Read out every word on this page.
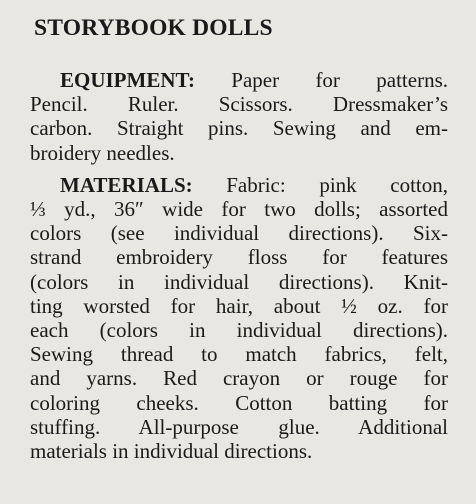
STORYBOOK DOLLS
EQUIPMENT: Paper for patterns.
Pencil. Ruler. Scissors. Dressmaker’s
carbon. Straight pins. Sewing and em-
broidery needles.
MATERIALS: Fabric: pink cotton,
⅓ yd., 36″ wide for two dolls; assorted
colors (see individual directions). Six-
strand embroidery floss for features
(colors in individual directions). Knit-
ting worsted for hair, about ½ oz. for
each (colors in individual directions).
Sewing thread to match fabrics, felt,
and yarns. Red crayon or rouge for
coloring cheeks. Cotton batting for
stuffing. All-purpose glue. Additional
materials in individual directions.
